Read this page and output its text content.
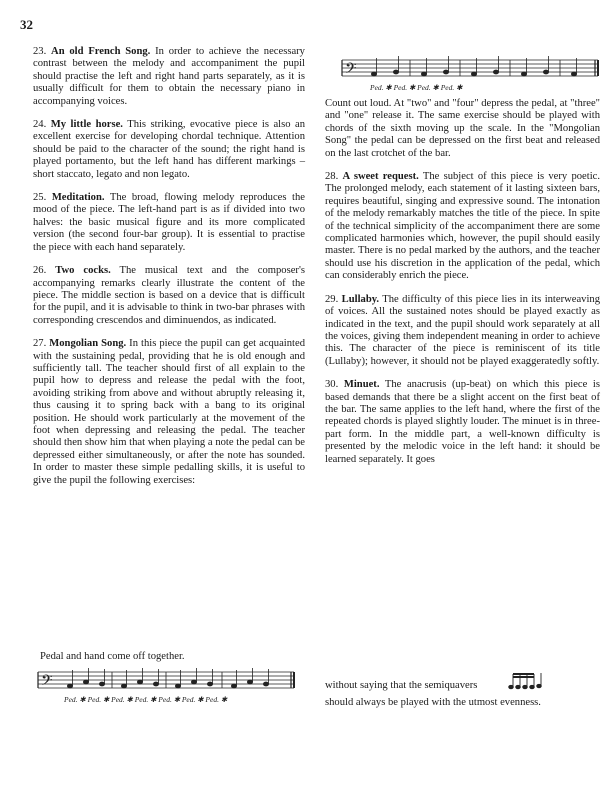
32

23. An old French Song. In order to achieve the necessary contrast between the melody and accompaniment the pupil should practise the left and right hand parts separately, as it is usually difficult for them to obtain the necessary piano in accompanying voices.

24. My little horse. This striking, evocative piece is also an excellent exercise for developing chordal technique. Attention should be paid to the character of the sound; the right hand is played portamento, but the left hand has different markings – short staccato, legato and non legato.

25. Meditation. The broad, flowing melody reproduces the mood of the piece. The left-hand part is as if divided into two halves: the basic musical figure and its more complicated version (the second four-bar group). It is essential to practise the piece with each hand separately.

26. Two cocks. The musical text and the composer's accompanying remarks clearly illustrate the content of the piece. The middle section is based on a device that is difficult for the pupil, and it is advisable to think in two-bar phrases with corresponding crescendos and diminuendos, as indicated.

27. Mongolian Song. In this piece the pupil can get acquainted with the sustaining pedal, providing that he is old enough and sufficiently tall. The teacher should first of all explain to the pupil how to depress and release the pedal with the foot, avoiding striking from above and without abruptly releasing it, thus causing it to spring back with a bang to its original position. He should work particularly at the movement of the foot when depressing and releasing the pedal. The teacher should then show him that when playing a note the pedal can be depressed either simultaneously, or after the note has sounded. In order to master these simple pedalling skills, it is useful to give the pupil the following exercises:

Pedal and hand come off together.
𝄢
Ped. ✱ Ped. ✱ Ped. ✱ Ped. ✱ Ped. ✱ Ped. ✱ Ped. ✱
𝄢
Ped. ✱ Ped. ✱ Ped. ✱ Ped. ✱

Count out loud. At "two" and "four" depress the pedal, at "three" and "one" release it. The same exercise should be played with chords of the sixth moving up the scale. In the "Mongolian Song" the pedal can be depressed on the first beat and released on the last crotchet of the bar.

28. A sweet request. The subject of this piece is very poetic. The prolonged melody, each statement of it lasting sixteen bars, requires beautiful, singing and expressive sound. The intonation of the melody remarkably matches the title of the piece. In spite of the technical simplicity of the accompaniment there are some complicated harmonies which, however, the pupil should easily master. There is no pedal marked by the authors, and the teacher should use his discretion in the application of the pedal, which can considerably enrich the piece.

29. Lullaby. The difficulty of this piece lies in its interweaving of voices. All the sustained notes should be played exactly as indicated in the text, and the pupil should work separately at all the voices, giving them independent meaning in order to achieve this. The character of the piece is reminiscent of its title (Lullaby); however, it should not be played exaggeratedly softly.

30. Minuet. The anacrusis (up-beat) on which this piece is based demands that there be a slight accent on the first beat of the bar. The same applies to the left hand, where the first of the repeated chords is played slightly louder. The minuet is in three-part form. In the middle part, a well-known difficulty is presented by the melodic voice in the left hand: it should be learned separately. It goes

without saying that the semiquavers
should always be played with the utmost evenness.
